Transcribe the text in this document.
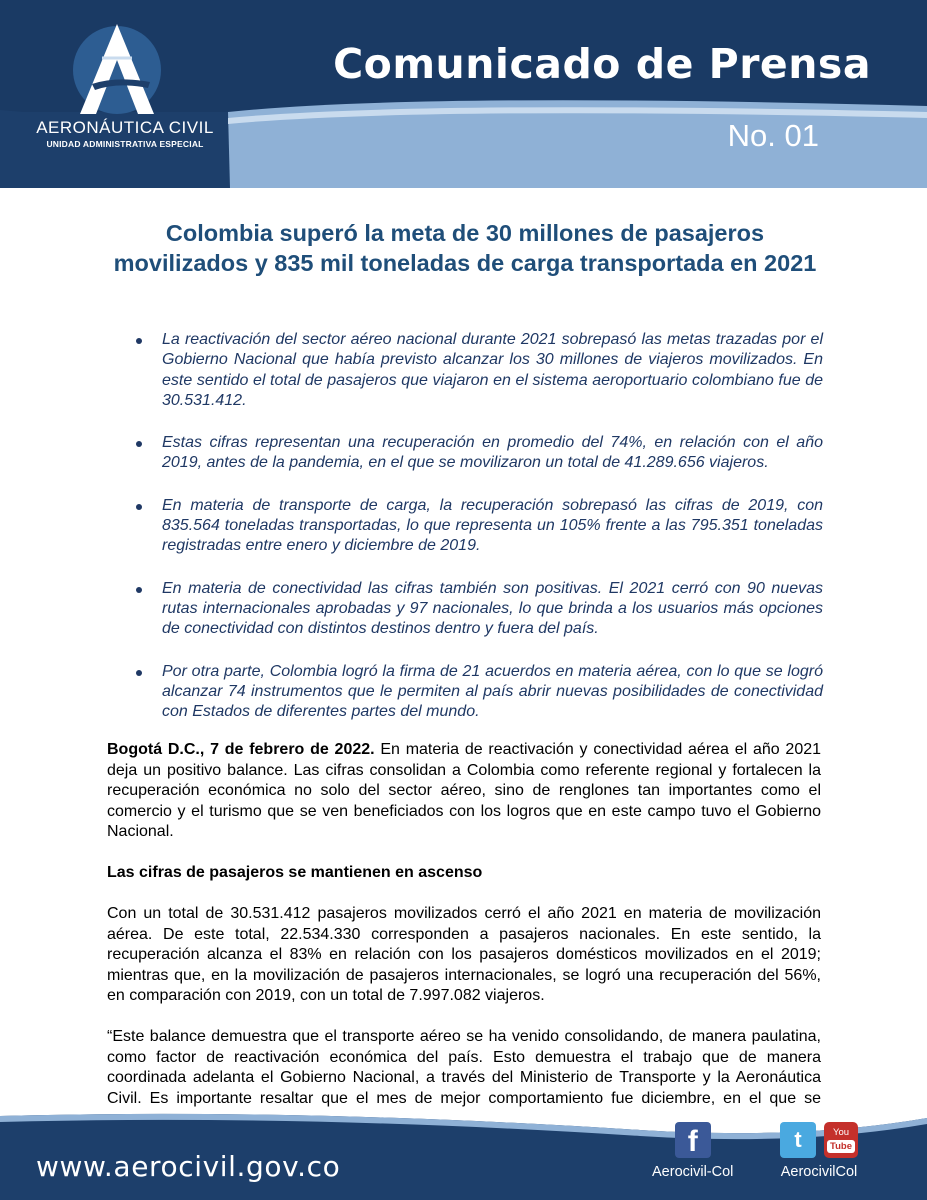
AERONÁUTICA CIVIL
UNIDAD ADMINISTRATIVA ESPECIAL
Comunicado de Prensa
No. 01
Colombia superó la meta de 30 millones de pasajeros movilizados y 835 mil toneladas de carga transportada en 2021
La reactivación del sector aéreo nacional durante 2021 sobrepasó las metas trazadas por el Gobierno Nacional que había previsto alcanzar los 30 millones de viajeros movilizados. En este sentido el total de pasajeros que viajaron en el sistema aeroportuario colombiano fue de 30.531.412.
Estas cifras representan una recuperación en promedio del 74%, en relación con el año 2019, antes de la pandemia, en el que se movilizaron un total de 41.289.656 viajeros.
En materia de transporte de carga, la recuperación sobrepasó las cifras de 2019, con 835.564 toneladas transportadas, lo que representa un 105% frente a las 795.351 toneladas registradas entre enero y diciembre de 2019.
En materia de conectividad las cifras también son positivas. El 2021 cerró con 90 nuevas rutas internacionales aprobadas y 97 nacionales, lo que brinda a los usuarios más opciones de conectividad con distintos destinos dentro y fuera del país.
Por otra parte, Colombia logró la firma de 21 acuerdos en materia aérea, con lo que se logró alcanzar 74 instrumentos que le permiten al país abrir nuevas posibilidades de conectividad con Estados de diferentes partes del mundo.

Bogotá D.C., 7 de febrero de 2022. En materia de reactivación y conectividad aérea el año 2021 deja un positivo balance. Las cifras consolidan a Colombia como referente regional y fortalecen la recuperación económica no solo del sector aéreo, sino de renglones tan importantes como el comercio y el turismo que se ven beneficiados con los logros que en este campo tuvo el Gobierno Nacional.

Las cifras de pasajeros se mantienen en ascenso

Con un total de 30.531.412 pasajeros movilizados cerró el año 2021 en materia de movilización aérea. De este total, 22.534.330 corresponden a pasajeros nacionales. En este sentido, la recuperación alcanza el 83% en relación con los pasajeros domésticos movilizados en el 2019; mientras que, en la movilización de pasajeros internacionales, se logró una recuperación del 56%, en comparación con 2019, con un total de 7.997.082 viajeros.

“Este balance demuestra que el transporte aéreo se ha venido consolidando, de manera paulatina, como factor de reactivación económica del país. Esto demuestra el trabajo que de manera coordinada adelanta el Gobierno Nacional, a través del Ministerio de Transporte y la Aeronáutica Civil. Es importante resaltar que el mes de mejor comportamiento fue diciembre, en el que se

www.aerocivil.gov.co
f
Aerocivil-Col
t	You
Tube
AerocivilCol
